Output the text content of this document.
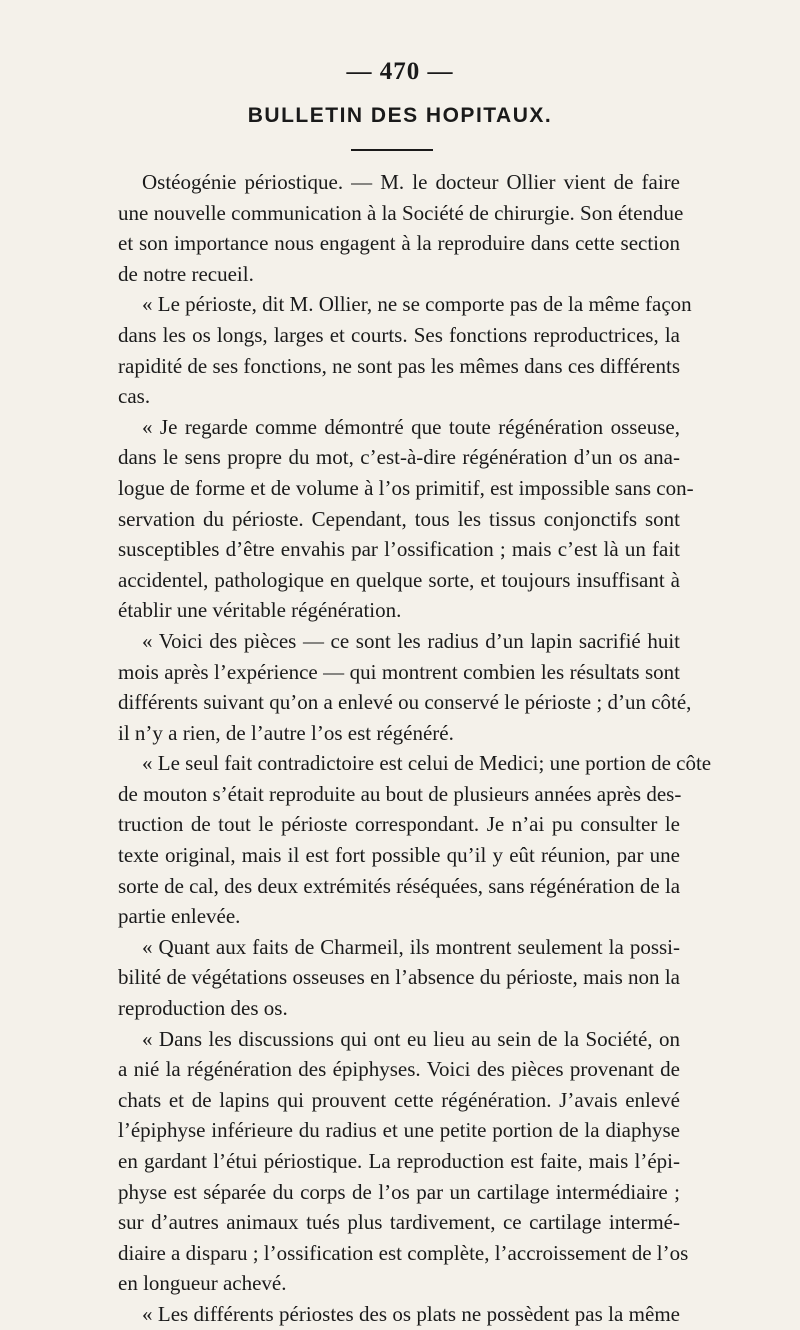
— 470 —
BULLETIN DES HOPITAUX.
Ostéogénie périostique. — M. le docteur Ollier vient de faire
une nouvelle communication à la Société de chirurgie. Son étendue
et son importance nous engagent à la reproduire dans cette section
de notre recueil.
« Le périoste, dit M. Ollier, ne se comporte pas de la même façon
dans les os longs, larges et courts. Ses fonctions reproductrices, la
rapidité de ses fonctions, ne sont pas les mêmes dans ces différents
cas.
« Je regarde comme démontré que toute régénération osseuse,
dans le sens propre du mot, c’est-à-dire régénération d’un os ana-
logue de forme et de volume à l’os primitif, est impossible sans con-
servation du périoste. Cependant, tous les tissus conjonctifs sont
susceptibles d’être envahis par l’ossification ; mais c’est là un fait
accidentel, pathologique en quelque sorte, et toujours insuffisant à
établir une véritable régénération.
« Voici des pièces — ce sont les radius d’un lapin sacrifié huit
mois après l’expérience — qui montrent combien les résultats sont
différents suivant qu’on a enlevé ou conservé le périoste ; d’un côté,
il n’y a rien, de l’autre l’os est régénéré.
« Le seul fait contradictoire est celui de Medici; une portion de côte
de mouton s’était reproduite au bout de plusieurs années après des-
truction de tout le périoste correspondant. Je n’ai pu consulter le
texte original, mais il est fort possible qu’il y eût réunion, par une
sorte de cal, des deux extrémités réséquées, sans régénération de la
partie enlevée.
« Quant aux faits de Charmeil, ils montrent seulement la possi-
bilité de végétations osseuses en l’absence du périoste, mais non la
reproduction des os.
« Dans les discussions qui ont eu lieu au sein de la Société, on
a nié la régénération des épiphyses. Voici des pièces provenant de
chats et de lapins qui prouvent cette régénération. J’avais enlevé
l’épiphyse inférieure du radius et une petite portion de la diaphyse
en gardant l’étui périostique. La reproduction est faite, mais l’épi-
physe est séparée du corps de l’os par un cartilage intermédiaire ;
sur d’autres animaux tués plus tardivement, ce cartilage intermé-
diaire a disparu ; l’ossification est complète, l’accroissement de l’os
en longueur achevé.
« Les différents périostes des os plats ne possèdent pas la même
